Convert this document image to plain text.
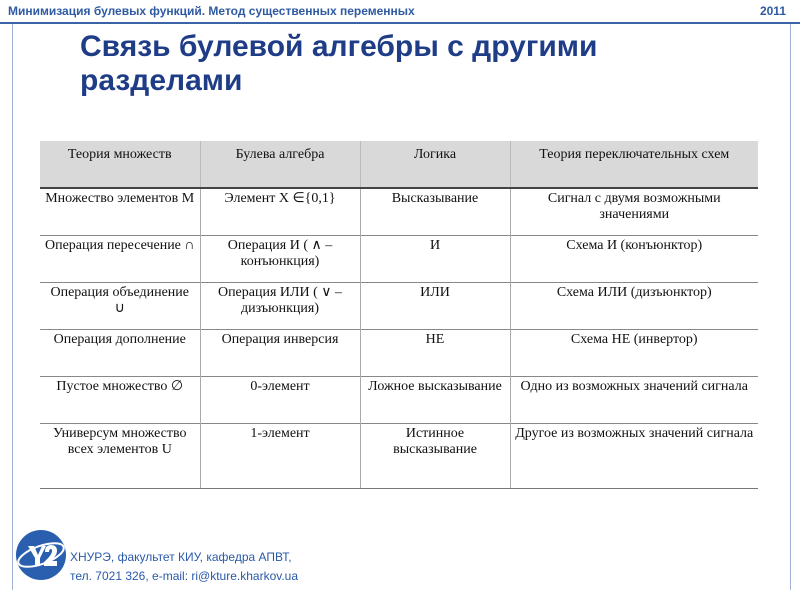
Минимизация булевых функций. Метод существенных переменных	2011
Связь булевой алгебры с другими
разделами
Теория множеств	Булева алгебра	Логика	Теория переключательных схем
Множество элементов М	Элемент X ∈{0,1}	Высказывание	Сигнал с двумя возможными значениями
Операция пересечение ∩	Операция И ( ∧ – конъюнкция)	И	Схема И (конъюнктор)
Операция объединение ∪	Операция ИЛИ ( ∨ – дизъюнкция)	ИЛИ	Схема ИЛИ (дизъюнктор)
Операция дополнение	Операция инверсия	НЕ	Схема НЕ (инвертор)
Пустое множество ∅	0-элемент	Ложное высказывание	Одно из возможных значений сигнала
Универсум множество всех элементов U	1-элемент	Истинное высказывание	Другое из возможных значений сигнала
ХНУРЭ, факультет КИУ, кафедра АПВТ,
тел. 7021 326, e-mail: ri@kture.kharkov.ua
